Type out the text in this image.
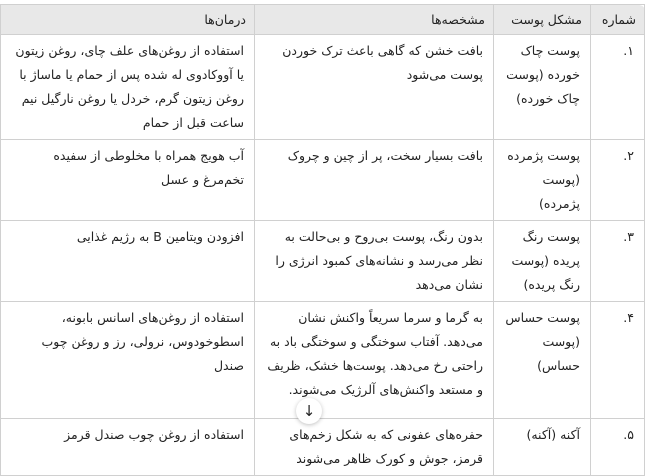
شماره	مشکل پوست	مشخصه‌ها	درمان‌ها
۱.	پوست چاک خورده (پوست چاک خورده)	بافت خشن که گاهی باعث ترک خوردن پوست می‌شود	استفاده از روغن‌های علف چای، روغن زیتون یا آووکادوی له شده پس از حمام یا ماساژ با روغن زیتون گرم، خردل یا روغن نارگیل نیم ساعت قبل از حمام
۲.	پوست پژمرده (پوست پژمرده)	بافت بسیار سخت، پر از چین و چروک	آب هویج همراه با مخلوطی از سفیده تخم‌مرغ و عسل
۳.	پوست رنگ پریده (پوست رنگ پریده)	بدون رنگ، پوست بی‌روح و بی‌حالت به نظر می‌رسد و نشانه‌های کمبود انرژی را نشان می‌دهد	افزودن ویتامین B به رژیم غذایی
۴.	پوست حساس (پوست حساس)	به گرما و سرما سریعاً واکنش نشان می‌دهد. آفتاب سوختگی و سوختگی باد به راحتی رخ می‌دهد. پوست‌ها خشک، ظریف و مستعد واکنش‌های آلرژیک می‌شوند.	استفاده از روغن‌های اسانس بابونه، اسطوخودوس، نرولی، رز و روغن چوب صندل
۵.	آکنه (آکنه)	حفره‌های عفونی که به شکل زخم‌های قرمز، جوش و کورک ظاهر می‌شوند	استفاده از روغن چوب صندل قرمز
↓
